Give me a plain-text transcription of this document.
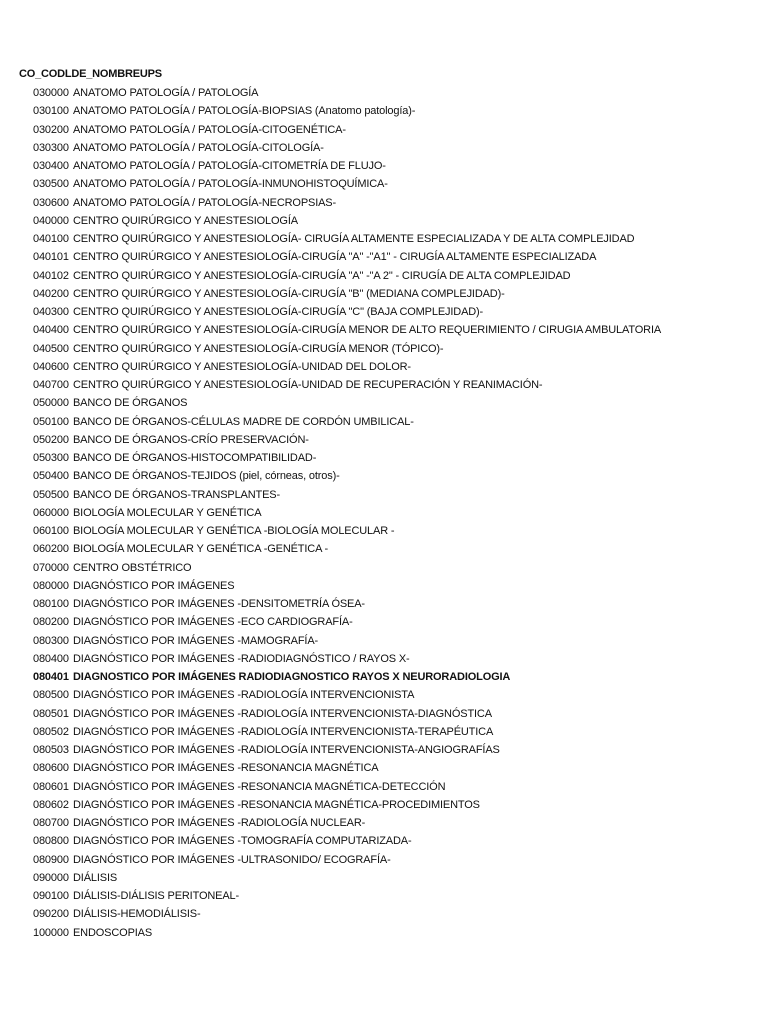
CO_CODLDE_NOMBREUPS
030000 ANATOMO PATOLOGÍA / PATOLOGÍA
030100 ANATOMO PATOLOGÍA / PATOLOGÍA-BIOPSIAS (Anatomo patología)-
030200 ANATOMO PATOLOGÍA / PATOLOGÍA-CITOGENÉTICA-
030300 ANATOMO PATOLOGÍA / PATOLOGÍA-CITOLOGÍA-
030400 ANATOMO PATOLOGÍA / PATOLOGÍA-CITOMETRÍA DE FLUJO-
030500 ANATOMO PATOLOGÍA / PATOLOGÍA-INMUNOHISTOQUÍMICA-
030600 ANATOMO PATOLOGÍA / PATOLOGÍA-NECROPSIAS-
040000 CENTRO QUIRÚRGICO Y ANESTESIOLOGÍA
040100 CENTRO QUIRÚRGICO Y ANESTESIOLOGÍA- CIRUGÍA ALTAMENTE ESPECIALIZADA Y DE ALTA COMPLEJIDAD
040101 CENTRO QUIRÚRGICO Y ANESTESIOLOGÍA-CIRUGÍA "A" -"A1" - CIRUGÍA ALTAMENTE ESPECIALIZADA
040102 CENTRO QUIRÚRGICO Y ANESTESIOLOGÍA-CIRUGÍA "A" -"A 2" - CIRUGÍA DE ALTA COMPLEJIDAD
040200 CENTRO QUIRÚRGICO Y ANESTESIOLOGÍA-CIRUGÍA "B" (MEDIANA COMPLEJIDAD)-
040300 CENTRO QUIRÚRGICO Y ANESTESIOLOGÍA-CIRUGÍA "C" (BAJA COMPLEJIDAD)-
040400 CENTRO QUIRÚRGICO Y ANESTESIOLOGÍA-CIRUGÍA MENOR DE ALTO REQUERIMIENTO / CIRUGIA AMBULATORIA
040500 CENTRO QUIRÚRGICO Y ANESTESIOLOGÍA-CIRUGÍA MENOR (TÓPICO)-
040600 CENTRO QUIRÚRGICO Y ANESTESIOLOGÍA-UNIDAD DEL DOLOR-
040700 CENTRO QUIRÚRGICO Y ANESTESIOLOGÍA-UNIDAD DE RECUPERACIÓN Y REANIMACIÓN-
050000 BANCO DE ÓRGANOS
050100 BANCO DE ÓRGANOS-CÉLULAS MADRE DE CORDÓN UMBILICAL-
050200 BANCO DE ÓRGANOS-CRÍO PRESERVACIÓN-
050300 BANCO DE ÓRGANOS-HISTOCOMPATIBILIDAD-
050400 BANCO DE ÓRGANOS-TEJIDOS (piel, córneas, otros)-
050500 BANCO DE ÓRGANOS-TRANSPLANTES-
060000 BIOLOGÍA MOLECULAR Y GENÉTICA
060100 BIOLOGÍA MOLECULAR Y GENÉTICA -BIOLOGÍA MOLECULAR -
060200 BIOLOGÍA MOLECULAR Y GENÉTICA -GENÉTICA -
070000 CENTRO OBSTÉTRICO
080000 DIAGNÓSTICO POR IMÁGENES
080100 DIAGNÓSTICO POR IMÁGENES -DENSITOMETRÍA ÓSEA-
080200 DIAGNÓSTICO POR IMÁGENES -ECO CARDIOGRAFÍA-
080300 DIAGNÓSTICO POR IMÁGENES -MAMOGRAFÍA-
080400 DIAGNÓSTICO POR IMÁGENES -RADIODIAGNÓSTICO / RAYOS X-
080401 DIAGNOSTICO POR IMÁGENES RADIODIAGNOSTICO RAYOS X NEURORADIOLOGIA
080500 DIAGNÓSTICO POR IMÁGENES -RADIOLOGÍA INTERVENCIONISTA
080501 DIAGNÓSTICO POR IMÁGENES -RADIOLOGÍA INTERVENCIONISTA-DIAGNÓSTICA
080502 DIAGNÓSTICO POR IMÁGENES -RADIOLOGÍA INTERVENCIONISTA-TERAPÉUTICA
080503 DIAGNÓSTICO POR IMÁGENES -RADIOLOGÍA INTERVENCIONISTA-ANGIOGRAFÍAS
080600 DIAGNÓSTICO POR IMÁGENES -RESONANCIA MAGNÉTICA
080601 DIAGNÓSTICO POR IMÁGENES -RESONANCIA MAGNÉTICA-DETECCIÓN
080602 DIAGNÓSTICO POR IMÁGENES -RESONANCIA MAGNÉTICA-PROCEDIMIENTOS
080700 DIAGNÓSTICO POR IMÁGENES -RADIOLOGÍA NUCLEAR-
080800 DIAGNÓSTICO POR IMÁGENES -TOMOGRAFÍA COMPUTARIZADA-
080900 DIAGNÓSTICO POR IMÁGENES -ULTRASONIDO/ ECOGRAFÍA-
090000 DIÁLISIS
090100 DIÁLISIS-DIÁLISIS PERITONEAL-
090200 DIÁLISIS-HEMODIÁLISIS-
100000 ENDOSCOPIAS
